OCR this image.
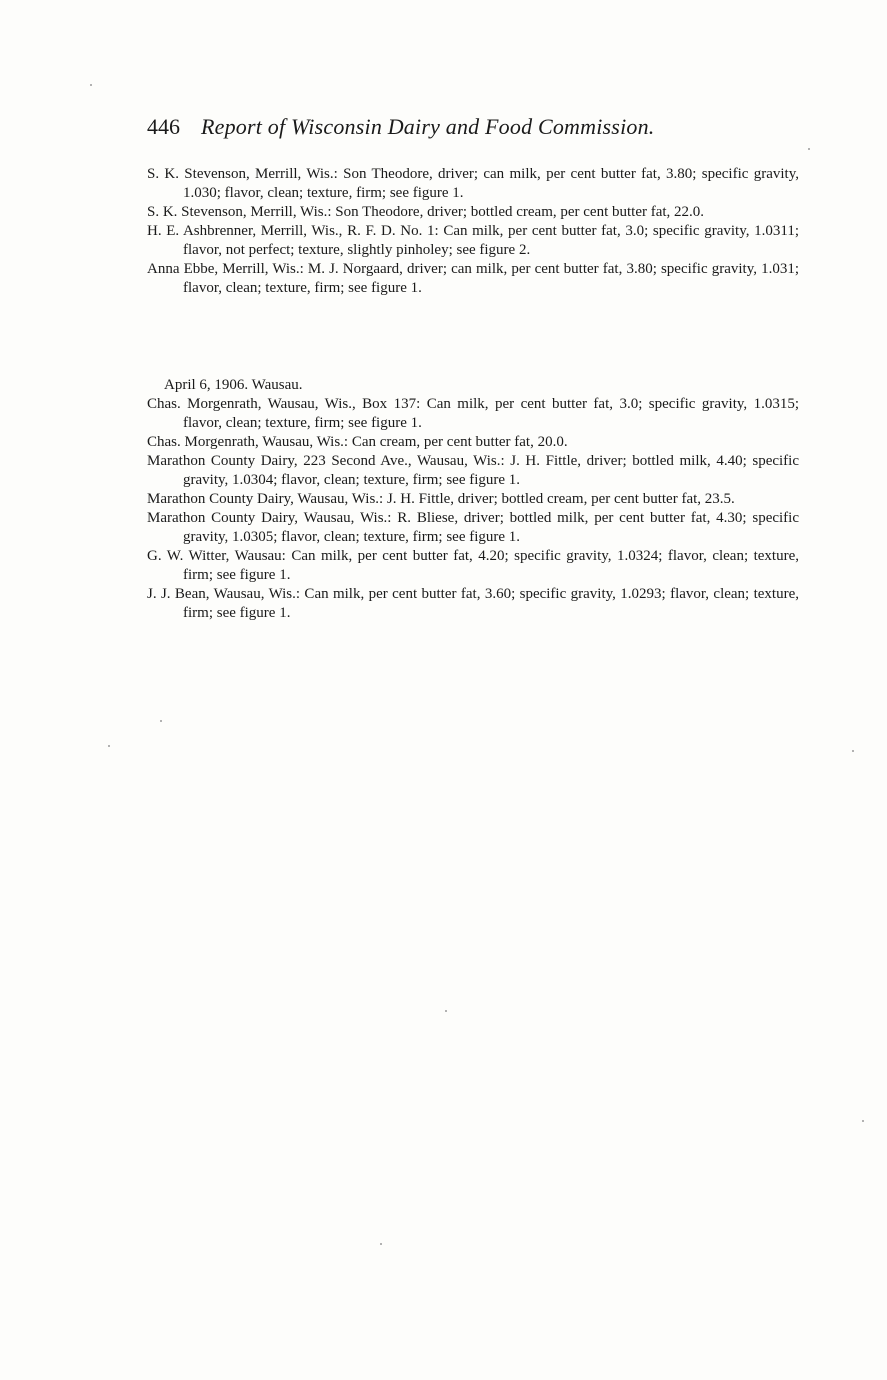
446 Report of Wisconsin Dairy and Food Commission.

S. K. Stevenson, Merrill, Wis.: Son Theodore, driver; can milk, per cent butter fat, 3.80; specific gravity, 1.030; flavor, clean; texture, firm; see figure 1.

S. K. Stevenson, Merrill, Wis.: Son Theodore, driver; bottled cream, per cent butter fat, 22.0.

H. E. Ashbrenner, Merrill, Wis., R. F. D. No. 1: Can milk, per cent butter fat, 3.0; specific gravity, 1.0311; flavor, not perfect; texture, slightly pinholey; see figure 2.

Anna Ebbe, Merrill, Wis.: M. J. Norgaard, driver; can milk, per cent butter fat, 3.80; specific gravity, 1.031; flavor, clean; texture, firm; see figure 1.

April 6, 1906. Wausau.

Chas. Morgenrath, Wausau, Wis., Box 137: Can milk, per cent butter fat, 3.0; specific gravity, 1.0315; flavor, clean; texture, firm; see figure 1.

Chas. Morgenrath, Wausau, Wis.: Can cream, per cent butter fat, 20.0.

Marathon County Dairy, 223 Second Ave., Wausau, Wis.: J. H. Fittle, driver; bottled milk, 4.40; specific gravity, 1.0304; flavor, clean; texture, firm; see figure 1.

Marathon County Dairy, Wausau, Wis.: J. H. Fittle, driver; bottled cream, per cent butter fat, 23.5.

Marathon County Dairy, Wausau, Wis.: R. Bliese, driver; bottled milk, per cent butter fat, 4.30; specific gravity, 1.0305; flavor, clean; texture, firm; see figure 1.

G. W. Witter, Wausau: Can milk, per cent butter fat, 4.20; specific gravity, 1.0324; flavor, clean; texture, firm; see figure 1.

J. J. Bean, Wausau, Wis.: Can milk, per cent butter fat, 3.60; specific gravity, 1.0293; flavor, clean; texture, firm; see figure 1.
